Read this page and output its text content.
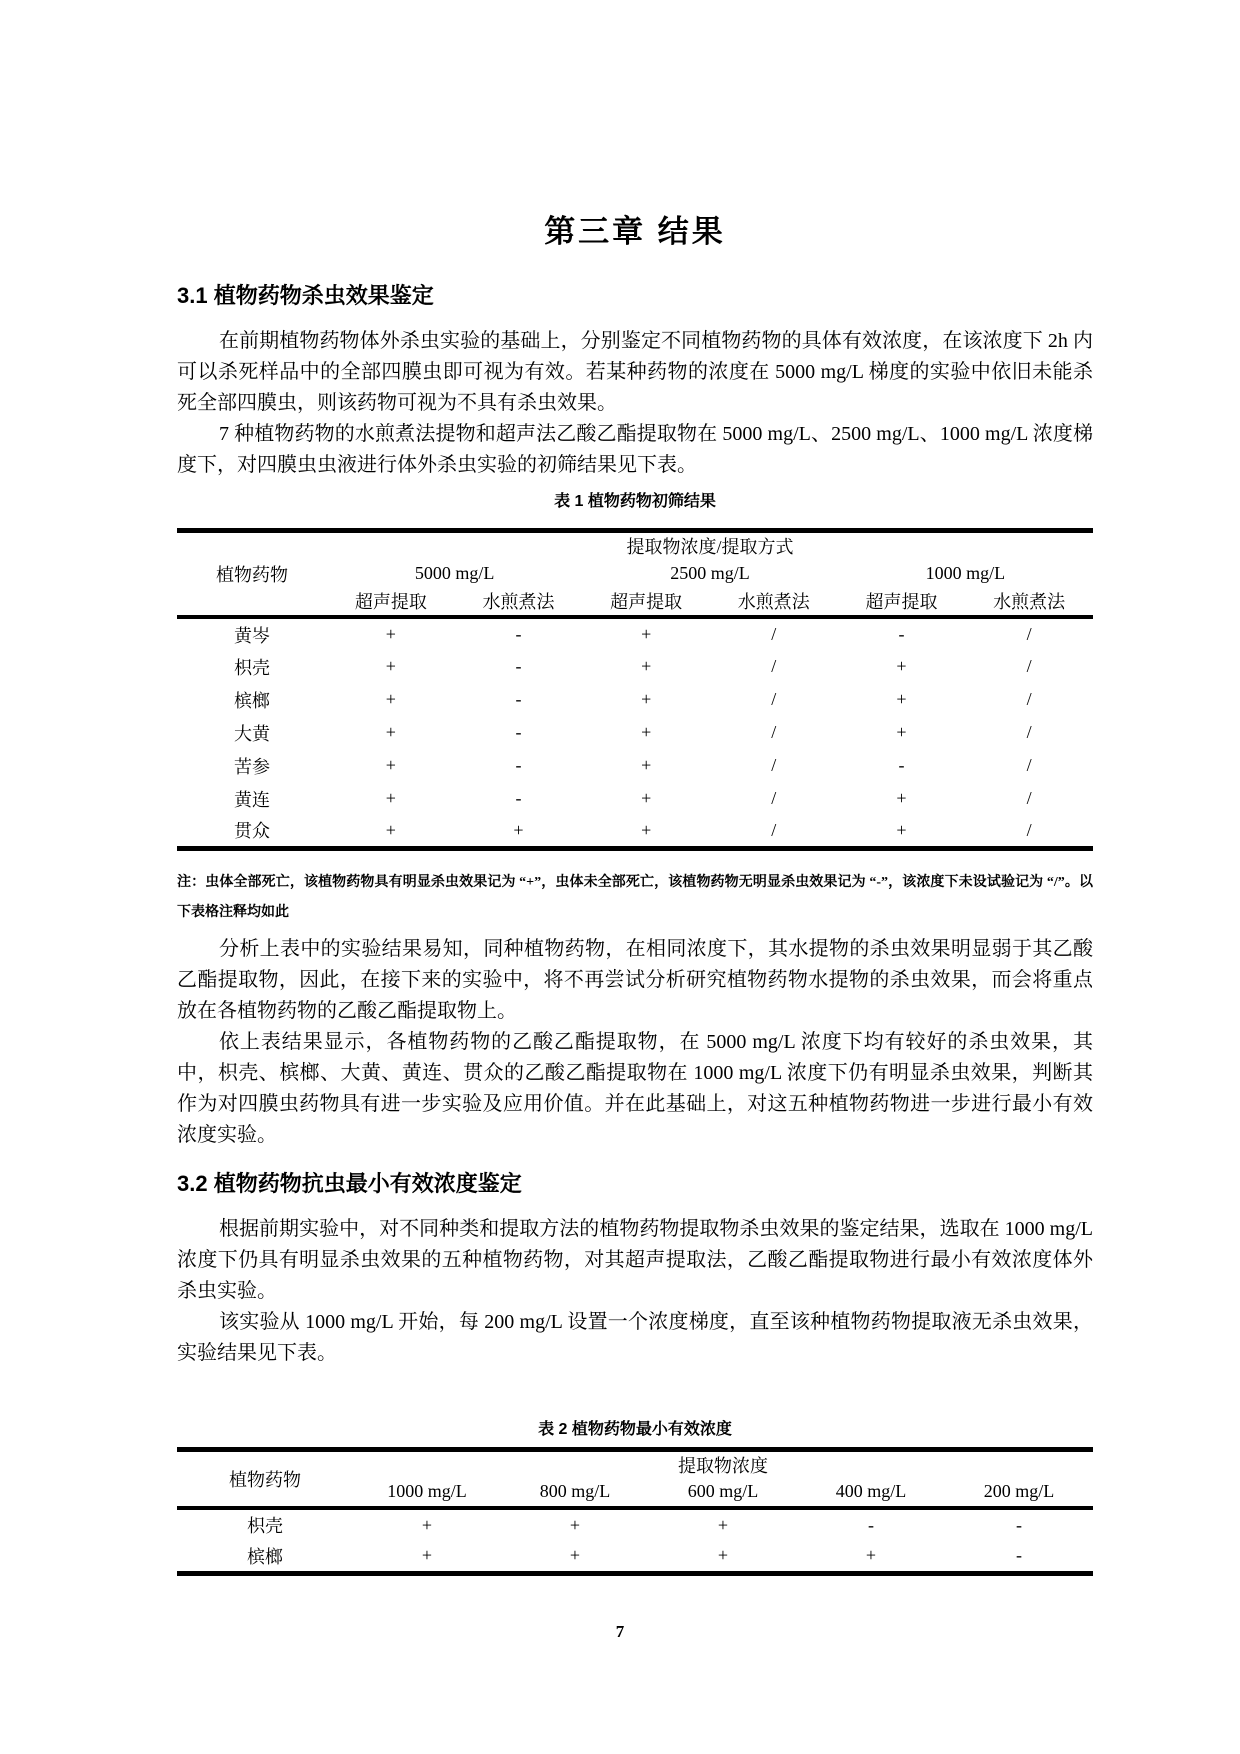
第三章 结果
3.1 植物药物杀虫效果鉴定

在前期植物药物体外杀虫实验的基础上，分别鉴定不同植物药物的具体有效浓度，在该浓度下 2h 内可以杀死样品中的全部四膜虫即可视为有效。若某种药物的浓度在 5000 mg/L 梯度的实验中依旧未能杀死全部四膜虫，则该药物可视为不具有杀虫效果。

7 种植物药物的水煎煮法提物和超声法乙酸乙酯提取物在 5000 mg/L、2500 mg/L、1000 mg/L 浓度梯度下，对四膜虫虫液进行体外杀虫实验的初筛结果见下表。

表 1 植物药物初筛结果
植物药物	提取物浓度/提取方式					
	5000 mg/L		2500 mg/L		1000 mg/L	
	超声提取	水煎煮法	超声提取	水煎煮法	超声提取	水煎煮法
黄岑	+	-	+	/	-	/
枳壳	+	-	+	/	+	/
槟榔	+	-	+	/	+	/
大黄	+	-	+	/	+	/
苦参	+	-	+	/	-	/
黄连	+	-	+	/	+	/
贯众	+	+	+	/	+	/

注：虫体全部死亡，该植物药物具有明显杀虫效果记为 “+”，虫体未全部死亡，该植物药物无明显杀虫效果记为 “-”，该浓度下未设试验记为 “/”。以下表格注释均如此

分析上表中的实验结果易知，同种植物药物，在相同浓度下，其水提物的杀虫效果明显弱于其乙酸乙酯提取物，因此，在接下来的实验中，将不再尝试分析研究植物药物水提物的杀虫效果，而会将重点放在各植物药物的乙酸乙酯提取物上。

依上表结果显示，各植物药物的乙酸乙酯提取物，在 5000 mg/L 浓度下均有较好的杀虫效果，其中，枳壳、槟榔、大黄、黄连、贯众的乙酸乙酯提取物在 1000 mg/L 浓度下仍有明显杀虫效果，判断其作为对四膜虫药物具有进一步实验及应用价值。并在此基础上，对这五种植物药物进一步进行最小有效浓度实验。

3.2 植物药物抗虫最小有效浓度鉴定

根据前期实验中，对不同种类和提取方法的植物药物提取物杀虫效果的鉴定结果，选取在 1000 mg/L 浓度下仍具有明显杀虫效果的五种植物药物，对其超声提取法，乙酸乙酯提取物进行最小有效浓度体外杀虫实验。

该实验从 1000 mg/L 开始，每 200 mg/L 设置一个浓度梯度，直至该种植物药物提取液无杀虫效果，实验结果见下表。

表 2 植物药物最小有效浓度
植物药物	提取物浓度				
	1000 mg/L	800 mg/L	600 mg/L	400 mg/L	200 mg/L
枳壳	+	+	+	-	-
槟榔	+	+	+	+	-
7
